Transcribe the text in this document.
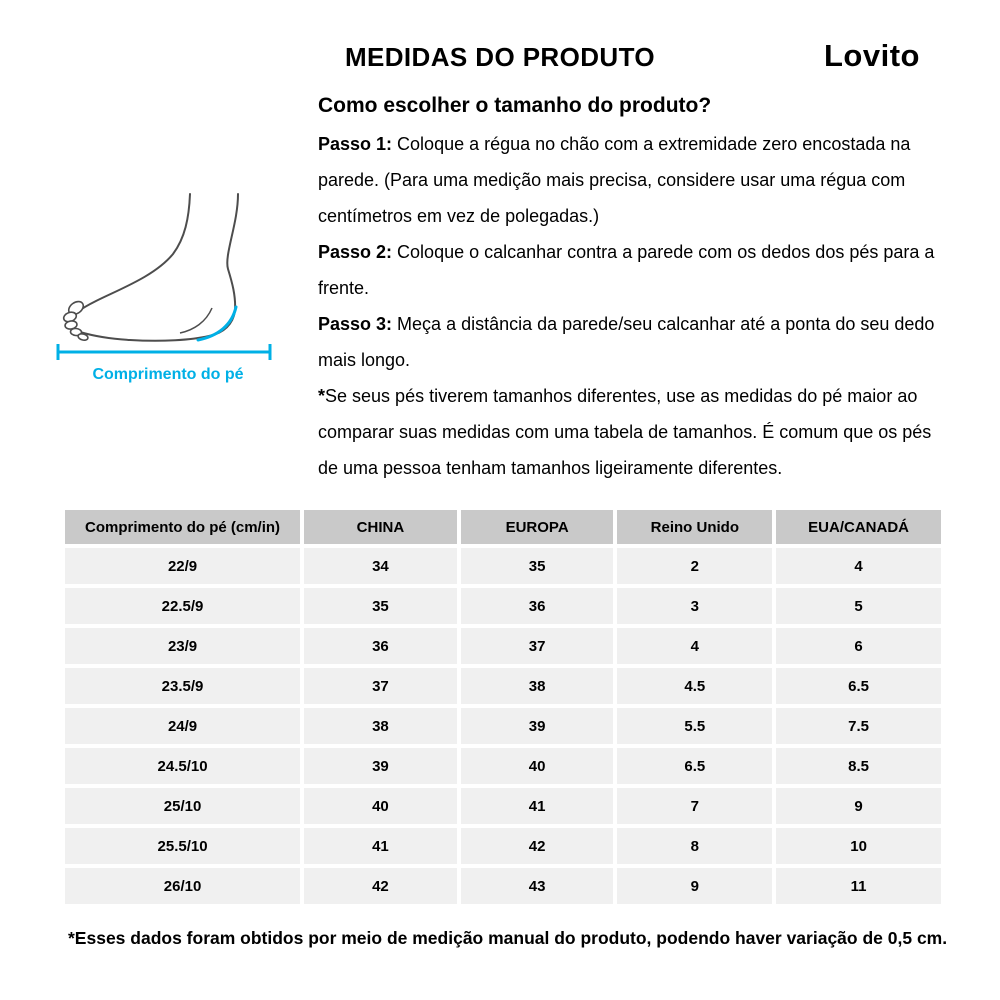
MEDIDAS DO PRODUTO	Lovito
Comprimento do pé
Como escolher o tamanho do produto?

Passo 1: Coloque a régua no chão com a extremidade zero encostada na parede. (Para uma medição mais precisa, considere usar uma régua com centímetros em vez de polegadas.)

Passo 2: Coloque o calcanhar contra a parede com os dedos dos pés para a frente.

Passo 3: Meça a distância da parede/seu calcanhar até a ponta do seu dedo mais longo.

*Se seus pés tiverem tamanhos diferentes, use as medidas do pé maior ao comparar suas medidas com uma tabela de tamanhos. É comum que os pés de uma pessoa tenham tamanhos ligeiramente diferentes.

Comprimento do pé (cm/in)	CHINA	EUROPA	Reino Unido	EUA/CANADÁ
22/9	34	35	2	4
22.5/9	35	36	3	5
23/9	36	37	4	6
23.5/9	37	38	4.5	6.5
24/9	38	39	5.5	7.5
24.5/10	39	40	6.5	8.5
25/10	40	41	7	9
25.5/10	41	42	8	10
26/10	42	43	9	11
*Esses dados foram obtidos por meio de medição manual do produto, podendo haver variação de 0,5 cm.
